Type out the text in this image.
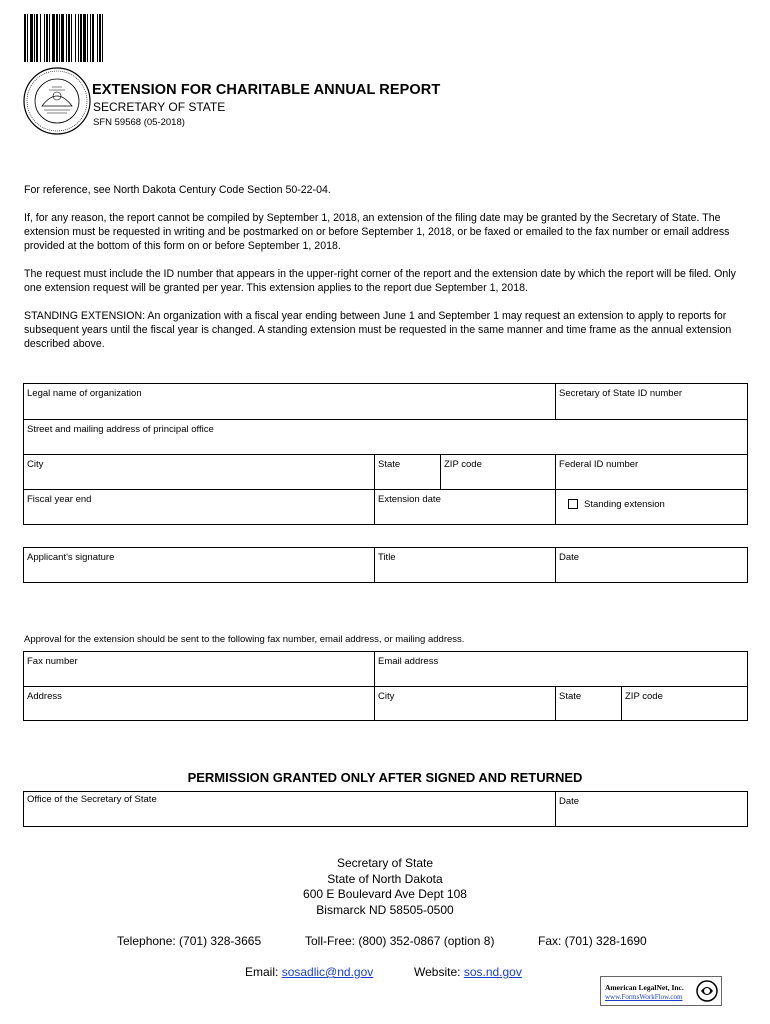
EXTENSION FOR CHARITABLE ANNUAL REPORT
SECRETARY OF STATE
SFN 59568 (05-2018)
For reference, see North Dakota Century Code Section 50-22-04.
If, for any reason, the report cannot be compiled by September 1, 2018, an extension of the filing date may be granted by the Secretary of State. The extension must be requested in writing and be postmarked on or before September 1, 2018, or be faxed or emailed to the fax number or email address provided at the bottom of this form on or before September 1, 2018.
The request must include the ID number that appears in the upper-right corner of the report and the extension date by which the report will be filed. Only one extension request will be granted per year. This extension applies to the report due September 1, 2018.
STANDING EXTENSION: An organization with a fiscal year ending between June 1 and September 1 may request an extension to apply to reports for subsequent years until the fiscal year is changed. A standing extension must be requested in the same manner and time frame as the annual extension described above.
Legal name of organization			Secretary of State ID number
Street and mailing address of principal office			
City	State	ZIP code	Federal ID number
Fiscal year end	Extension date		Standing extension
Applicant's signature	Title	Date
Approval for the extension should be sent to the following fax number, email address, or mailing address.
Fax number	Email address		
Address	City	State	ZIP code
PERMISSION GRANTED ONLY AFTER SIGNED AND RETURNED
Office of the Secretary of State	Date
Secretary of State
State of North Dakota
600 E Boulevard Ave Dept 108
Bismarck ND 58505-0500
Telephone: (701) 328-3665	Toll-Free: (800) 352-0867 (option 8)	Fax: (701) 328-1690
Email: sosadlic@nd.gov	Website: sos.nd.gov
American LegalNet, Inc.
www.FormsWorkFlow.com
